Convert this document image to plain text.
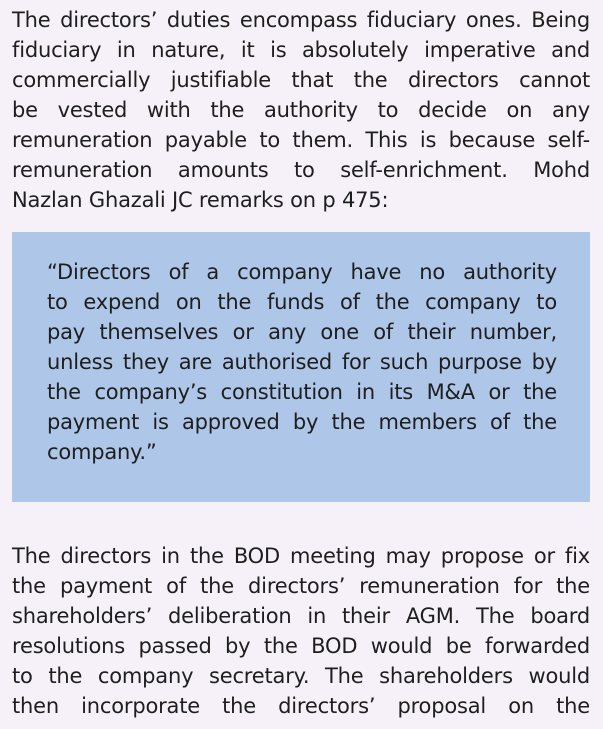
The directors’ duties encompass fiduciary ones. Being
fiduciary in nature, it is absolutely imperative and
commercially justifiable that the directors cannot
be vested with the authority to decide on any
remuneration payable to them. This is because self-
remuneration amounts to self-enrichment. Mohd
Nazlan Ghazali JC remarks on p 475:

“Directors of a company have no authority
to expend on the funds of the company to
pay themselves or any one of their number,
unless they are authorised for such purpose by
the company’s constitution in its M&A or the
payment is approved by the members of the
company.”

The directors in the BOD meeting may propose or fix
the payment of the directors’ remuneration for the
shareholders’ deliberation in their AGM. The board
resolutions passed by the BOD would be forwarded
to the company secretary. The shareholders would
then incorporate the directors’ proposal on the
